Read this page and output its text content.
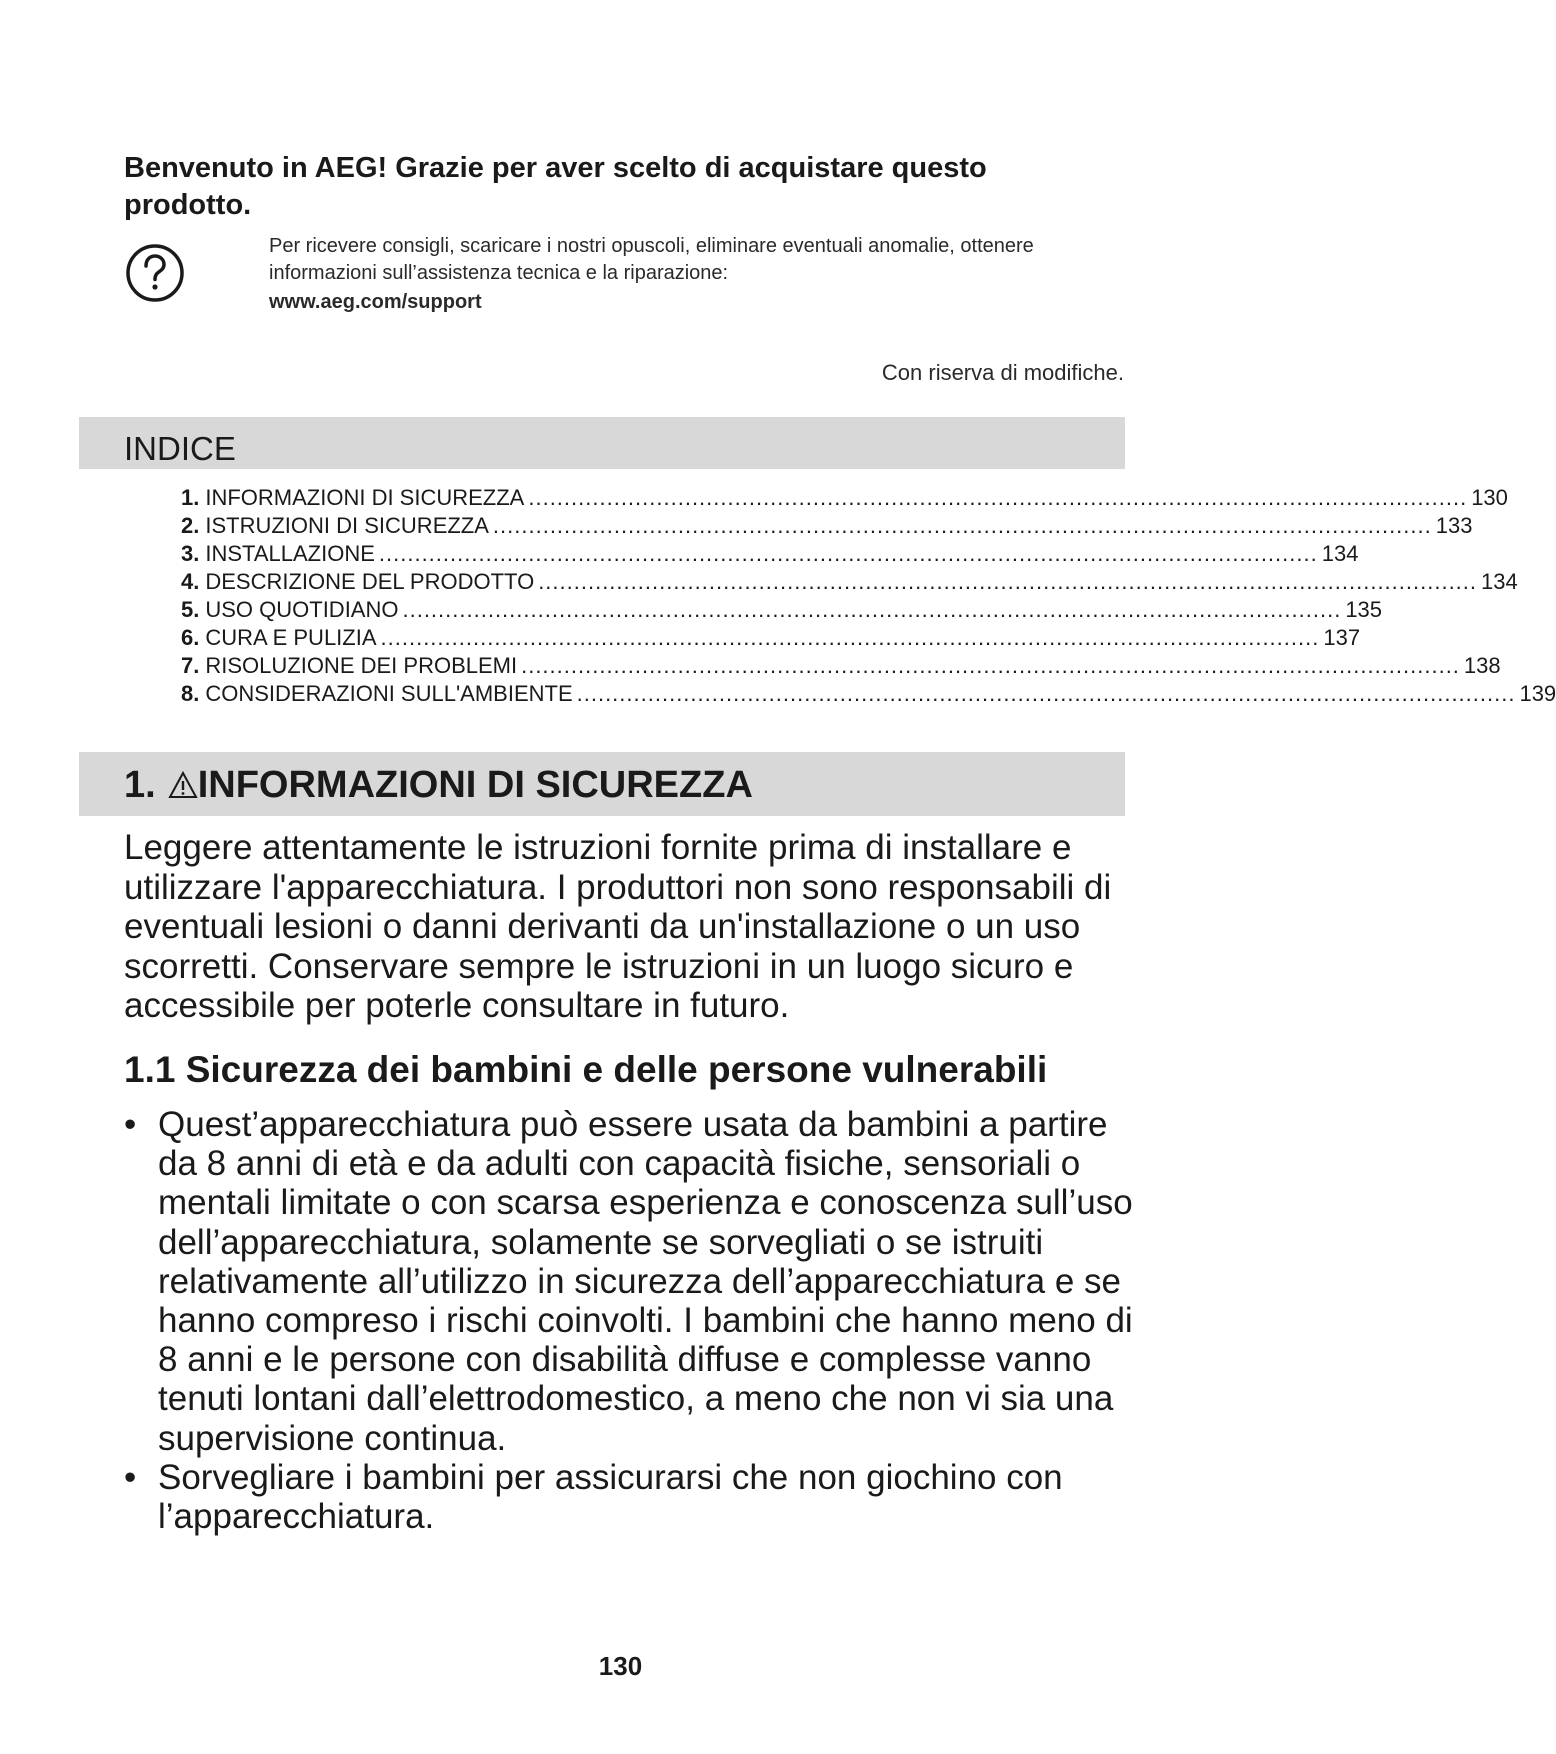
Benvenuto in AEG! Grazie per aver scelto di acquistare questo prodotto.
Per ricevere consigli, scaricare i nostri opuscoli, eliminare eventuali anomalie, ottenere informazioni sull’assistenza tecnica e la riparazione:
www.aeg.com/support
Con riserva di modifiche.
INDICE
1. INFORMAZIONI DI SICUREZZA .................................................................................................................................... 130
2. ISTRUZIONI DI SICUREZZA .................................................................................................................................... 133
3. INSTALLAZIONE .................................................................................................................................... 134
4. DESCRIZIONE DEL PRODOTTO .................................................................................................................................... 134
5. USO QUOTIDIANO .................................................................................................................................... 135
6. CURA E PULIZIA .................................................................................................................................... 137
7. RISOLUZIONE DEI PROBLEMI .................................................................................................................................... 138
8. CONSIDERAZIONI SULL'AMBIENTE .................................................................................................................................... 139
1. INFORMAZIONI DI SICUREZZA
Leggere attentamente le istruzioni fornite prima di installare e utilizzare l'apparecchiatura. I produttori non sono responsabili di eventuali lesioni o danni derivanti da un'installazione o un uso scorretti. Conservare sempre le istruzioni in un luogo sicuro e accessibile per poterle consultare in futuro.
1.1 Sicurezza dei bambini e delle persone vulnerabili
• Quest’apparecchiatura può essere usata da bambini a partire da 8 anni di età e da adulti con capacità fisiche, sensoriali o mentali limitate o con scarsa esperienza e conoscenza sull’uso dell’apparecchiatura, solamente se sorvegliati o se istruiti relativamente all’utilizzo in sicurezza dell’apparecchiatura e se hanno compreso i rischi coinvolti. I bambini che hanno meno di 8 anni e le persone con disabilità diffuse e complesse vanno tenuti lontani dall’elettrodomestico, a meno che non vi sia una supervisione continua.
• Sorvegliare i bambini per assicurarsi che non giochino con l’apparecchiatura.
130
